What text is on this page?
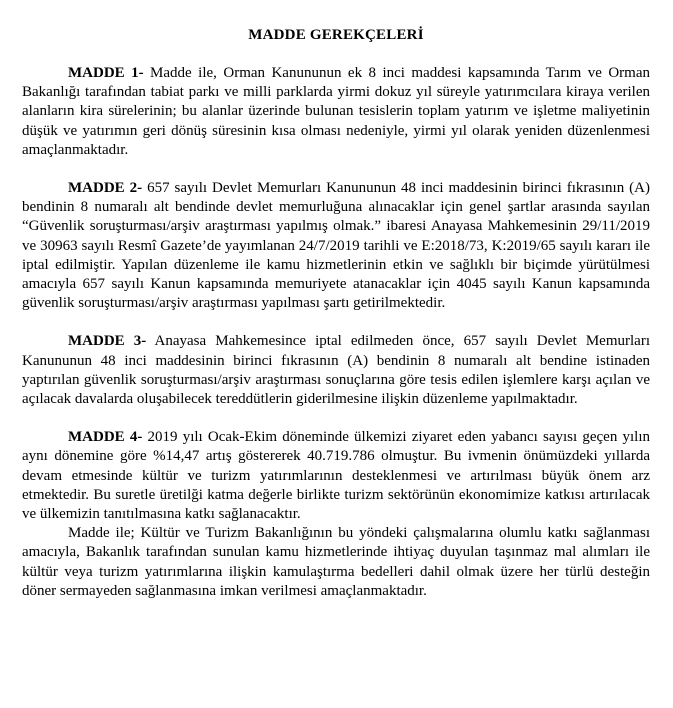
MADDE GEREKÇELERİ

MADDE 1- Madde ile, Orman Kanununun ek 8 inci maddesi kapsamında Tarım ve Orman Bakanlığı tarafından tabiat parkı ve milli parklarda yirmi dokuz yıl süreyle yatırımcılara kiraya verilen alanların kira sürelerinin; bu alanlar üzerinde bulunan tesislerin toplam yatırım ve işletme maliyetinin düşük ve yatırımın geri dönüş süresinin kısa olması nedeniyle, yirmi yıl olarak yeniden düzenlenmesi amaçlanmaktadır.

MADDE 2- 657 sayılı Devlet Memurları Kanununun 48 inci maddesinin birinci fıkrasının (A) bendinin 8 numaralı alt bendinde devlet memurluğuna alınacaklar için genel şartlar arasında sayılan “Güvenlik soruşturması/arşiv araştırması yapılmış olmak.” ibaresi Anayasa Mahkemesinin 29/11/2019 ve 30963 sayılı Resmî Gazete’de yayımlanan 24/7/2019 tarihli ve E:2018/73, K:2019/65 sayılı kararı ile iptal edilmiştir. Yapılan düzenleme ile kamu hizmetlerinin etkin ve sağlıklı bir biçimde yürütülmesi amacıyla 657 sayılı Kanun kapsamında memuriyete atanacaklar için 4045 sayılı Kanun kapsamında güvenlik soruşturması/arşiv araştırması yapılması şartı getirilmektedir.

MADDE 3- Anayasa Mahkemesince iptal edilmeden önce, 657 sayılı Devlet Memurları Kanununun 48 inci maddesinin birinci fıkrasının (A) bendinin 8 numaralı alt bendine istinaden yaptırılan güvenlik soruşturması/arşiv araştırması sonuçlarına göre tesis edilen işlemlere karşı açılan ve açılacak davalarda oluşabilecek tereddütlerin giderilmesine ilişkin düzenleme yapılmaktadır.

MADDE 4- 2019 yılı Ocak-Ekim döneminde ülkemizi ziyaret eden yabancı sayısı geçen yılın aynı dönemine göre %14,47 artış göstererek 40.719.786 olmuştur. Bu ivmenin önümüzdeki yıllarda devam etmesinde kültür ve turizm yatırımlarının desteklenmesi ve artırılması büyük önem arz etmektedir. Bu suretle üretilği katma değerle birlikte turizm sektörünün ekonomimize katkısı artırılacak ve ülkemizin tanıtılmasına katkı sağlanacaktır.

Madde ile; Kültür ve Turizm Bakanlığının bu yöndeki çalışmalarına olumlu katkı sağlanması amacıyla, Bakanlık tarafından sunulan kamu hizmetlerinde ihtiyaç duyulan taşınmaz mal alımları ile kültür veya turizm yatırımlarına ilişkin kamulaştırma bedelleri dahil olmak üzere her türlü desteğin döner sermayeden sağlanmasına imkan verilmesi amaçlanmaktadır.
